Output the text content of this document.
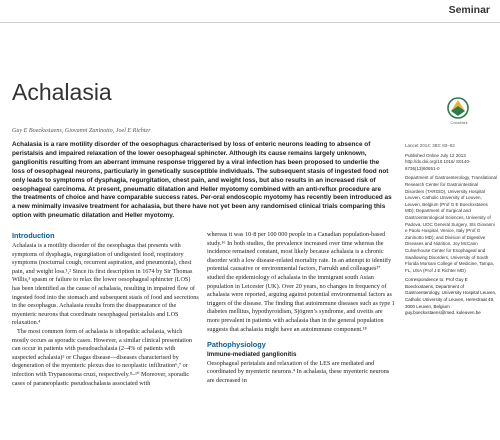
Seminar
Achalasia
CrossMark
Guy E Boeckxstaens, Giovanni Zaninotto, Joel E Richter

Achalasia is a rare motility disorder of the oesophagus characterised by loss of enteric neurons leading to absence of peristalsis and impaired relaxation of the lower oesophageal sphincter. Although its cause remains largely unknown, ganglionitis resulting from an aberrant immune response triggered by a viral infection has been proposed to underlie the loss of oesophageal neurons, particularly in genetically susceptible individuals. The subsequent stasis of ingested food not only leads to symptoms of dysphagia, regurgitation, chest pain, and weight loss, but also results in an increased risk of oesophageal carcinoma. At present, pneumatic dilatation and Heller myotomy combined with an anti-reflux procedure are the treatments of choice and have comparable success rates. Per-oral endoscopic myotomy has recently been introduced as a new minimally invasive treatment for achalasia, but there have not yet been any randomised clinical trials comparing this option with pneumatic dilatation and Heller myotomy.

Lancet 2014; 383: 83–93

Published Online July 12 2013 http://dx.doi.org/10.1016/ S0140-6736(13)60651-0

Department of Gastroenterology, Translational Research Center for Gastrointestinal Disorders (TARGID), University Hospital Leuven, Catholic University of Leuven, Leuven, Belgium (Prof G E Boeckxstaens MD); Department of Surgical and Gastroenterological Sciences, University of Padova, UOC General Surgery, Sts Giovanni e Paolo Hospital, Venice, Italy (Prof G Zaninotto MD); and Division of Digestive Diseases and Nutrition, Joy McCann Culverhouse Center for Esophageal and Swallowing Disorders, University of South Florida Morsani College of Medicine, Tampa, FL, USA (Prof J E Richter MD)

Correspondence to: Prof Guy E Boeckxstaens, Department of Gastroenterology, University Hospital Leuven, Catholic University of Leuven, Herestraat 49, 3000 Leuven, Belgium guy.boeckxstaens@med. kuleuven.be

Introduction

Achalasia is a motility disorder of the oesophagus that presents with symptoms of dysphagia, regurgitation of undigested food, respiratory symptoms (nocturnal cough, recurrent aspiration, and pneumonia), chest pain, and weight loss.¹,² Since its first description in 1674 by Sir Thomas Willis,³ spasm or failure to relax the lower oesophageal sphincter (LOS) has been identified as the cause of achalasia, resulting in impaired flow of ingested food into the stomach and subsequent stasis of food and secretions in the oesophagus. Achalasia results from the disappearance of the myenteric neurons that coordinate oesophageal peristalsis and LOS relaxation.⁴

The most common form of achalasia is idiopathic achalasia, which mostly occurs as sporadic cases. However, a similar clinical presentation can occur in patients with pseudoachalasia (2–4% of patients with suspected achalasia)⁵ or Chagas disease—diseases characterised by degeneration of the myenteric plexus due to neoplastic infiltration⁶,⁷ or infection with Trypanosoma cruzi, respectively.⁸–¹⁰ Moreover, sporadic cases of paraneoplastic pseudoachalasia associated with

whereas it was 10·8 per 100 000 people in a Canadian population-based study.¹⁶ In both studies, the prevalence increased over time whereas the incidence remained constant, most likely because achalasia is a chronic disorder with a low disease-related mortality rate. In an attempt to identify potential causative or environmental factors, Farrukh and colleagues¹⁷ studied the epidemiology of achalasia in the immigrant south Asian population in Leicester (UK). Over 20 years, no changes in frequency of achalasia were reported, arguing against potential environmental factors as triggers of the disease. The finding that autoimmune diseases such as type 1 diabetes mellitus, hypothyroidism, Sjögren’s syndrome, and uveitis are more prevalent in patients with achalasia than in the general population suggests that achalasia might have an autoimmune component.¹⁸

Pathophysiology
Immune-mediated ganglionitis

Oesophageal peristalsis and relaxation of the LES are mediated and coordinated by myenteric neurons.⁴ In achalasia, these myenteric neurons are decreased in
